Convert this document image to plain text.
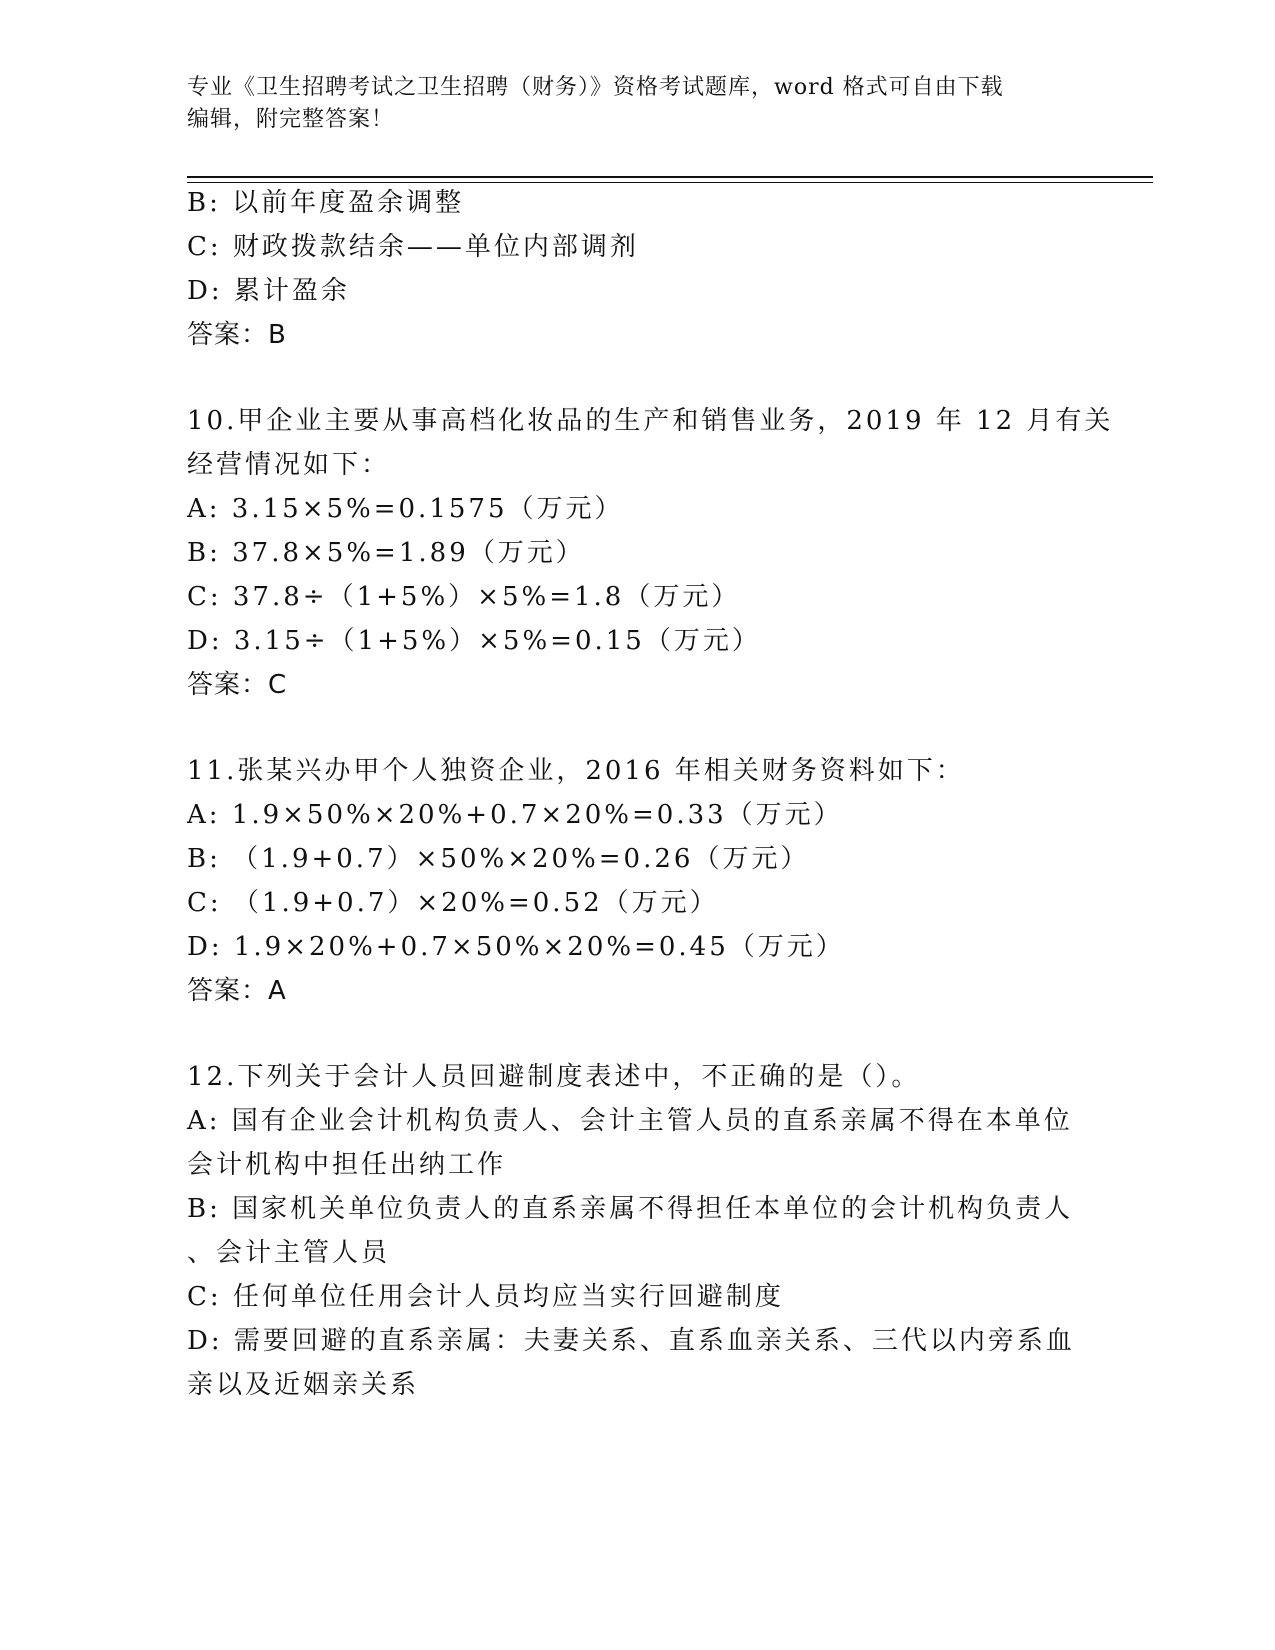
专业《卫生招聘考试之卫生招聘（财务）》资格考试题库，word 格式可自由下载
编辑，附完整答案！
B: 以前年度盈余调整
C: 财政拨款结余——单位内部调剂
D: 累计盈余
答案：B
10.甲企业主要从事高档化妆品的生产和销售业务，2019 年 12 月有关
经营情况如下：
A: 3.15×5%=0.1575（万元）
B: 37.8×5%=1.89（万元）
C: 37.8÷（1+5%）×5%=1.8（万元）
D: 3.15÷（1+5%）×5%=0.15（万元）
答案：C
11.张某兴办甲个人独资企业，2016 年相关财务资料如下：
A: 1.9×50%×20%+0.7×20%=0.33（万元）
B: （1.9+0.7）×50%×20%=0.26（万元）
C: （1.9+0.7）×20%=0.52（万元）
D: 1.9×20%+0.7×50%×20%=0.45（万元）
答案：A
12.下列关于会计人员回避制度表述中，不正确的是（）。
A: 国有企业会计机构负责人、会计主管人员的直系亲属不得在本单位
会计机构中担任出纳工作
B: 国家机关单位负责人的直系亲属不得担任本单位的会计机构负责人
、会计主管人员
C: 任何单位任用会计人员均应当实行回避制度
D: 需要回避的直系亲属：夫妻关系、直系血亲关系、三代以内旁系血
亲以及近姻亲关系
